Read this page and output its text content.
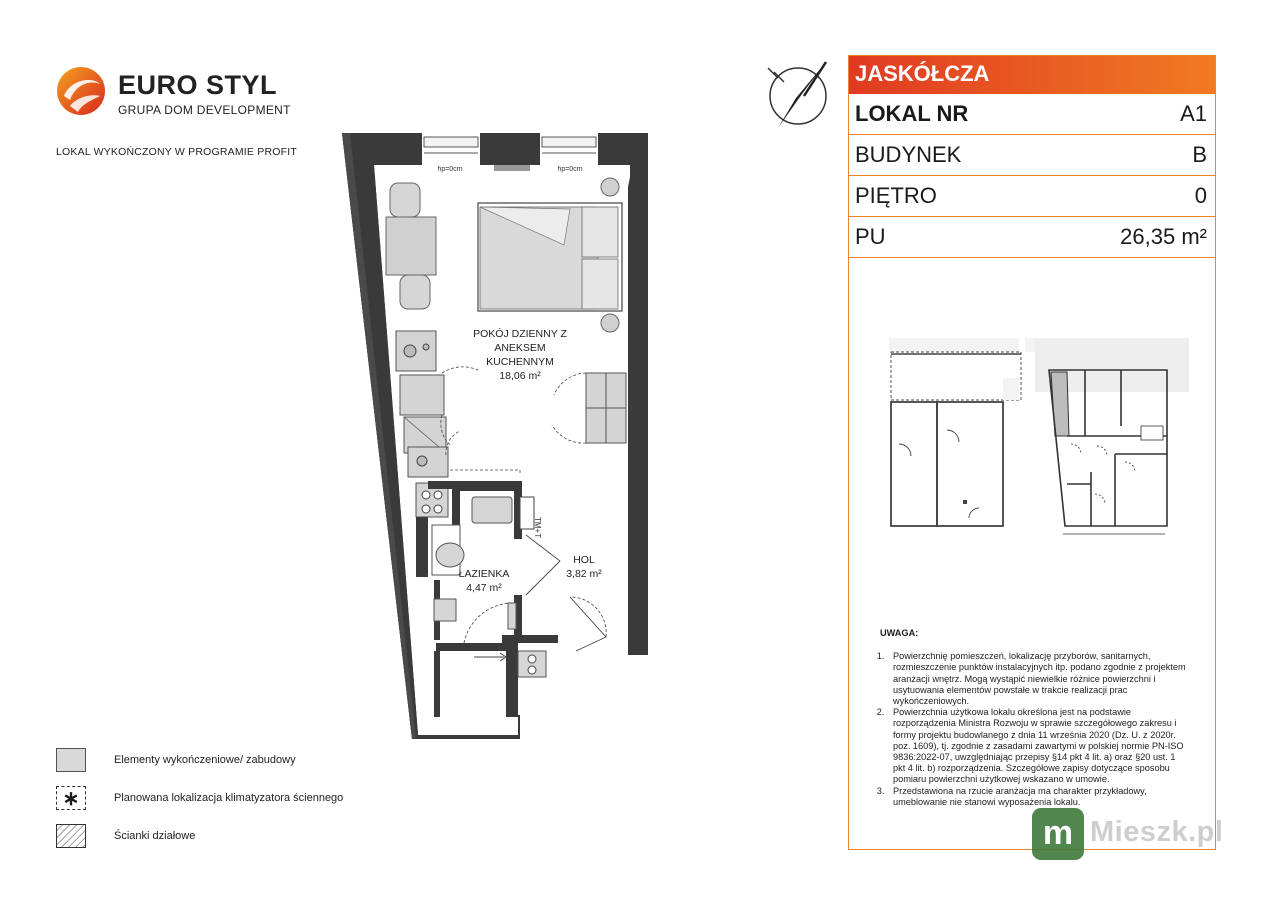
EURO STYL
GRUPA DOM DEVELOPMENT
LOKAL WYKOŃCZONY W PROGRAMIE PROFIT
hp=0cm	hp=0cm
TM+T
POKÓJ DZIENNY Z
ANEKSEM
KUCHENNYM
18,06 m²
ŁAZIENKA
4,47 m²
HOL
3,82 m²
JASKÓŁCZA
LOKAL NR	A1
BUDYNEK	B
PIĘTRO	0
PU	26,35 m²
UWAGA:
1. Powierzchnię pomieszczeń, lokalizację przyborów, sanitarnych, rozmieszczenie punktów instalacyjnych itp. podano zgodnie z projektem aranżacji wnętrz. Mogą wystąpić niewielkie różnice powierzchni i usytuowania elementów powstałe w trakcie realizacji prac wykończeniowych.
2. Powierzchnia użytkowa lokalu określona jest na podstawie rozporządzenia Ministra Rozwoju w sprawie szczegółowego zakresu i formy projektu budowlanego z dnia 11 września 2020 (Dz. U. z 2020r. poz. 1609), tj. zgodnie z zasadami zawartymi w polskiej normie PN-ISO 9836:2022-07, uwzględniając przepisy §14 pkt 4 lit. a) oraz §20 ust. 1 pkt 4 lit. b) rozporządzenia. Szczegółowe zapisy dotyczące sposobu pomiaru powierzchni użytkowej wskazano w umowie.
3. Przedstawiona na rzucie aranżacja ma charakter przykładowy, umeblowanie nie stanowi wyposażenia lokalu.
Elementy wykończeniowe/ zabudowy
∗	Planowana lokalizacja klimatyzatora ściennego
Ścianki działowe	m Mieszk.pl
